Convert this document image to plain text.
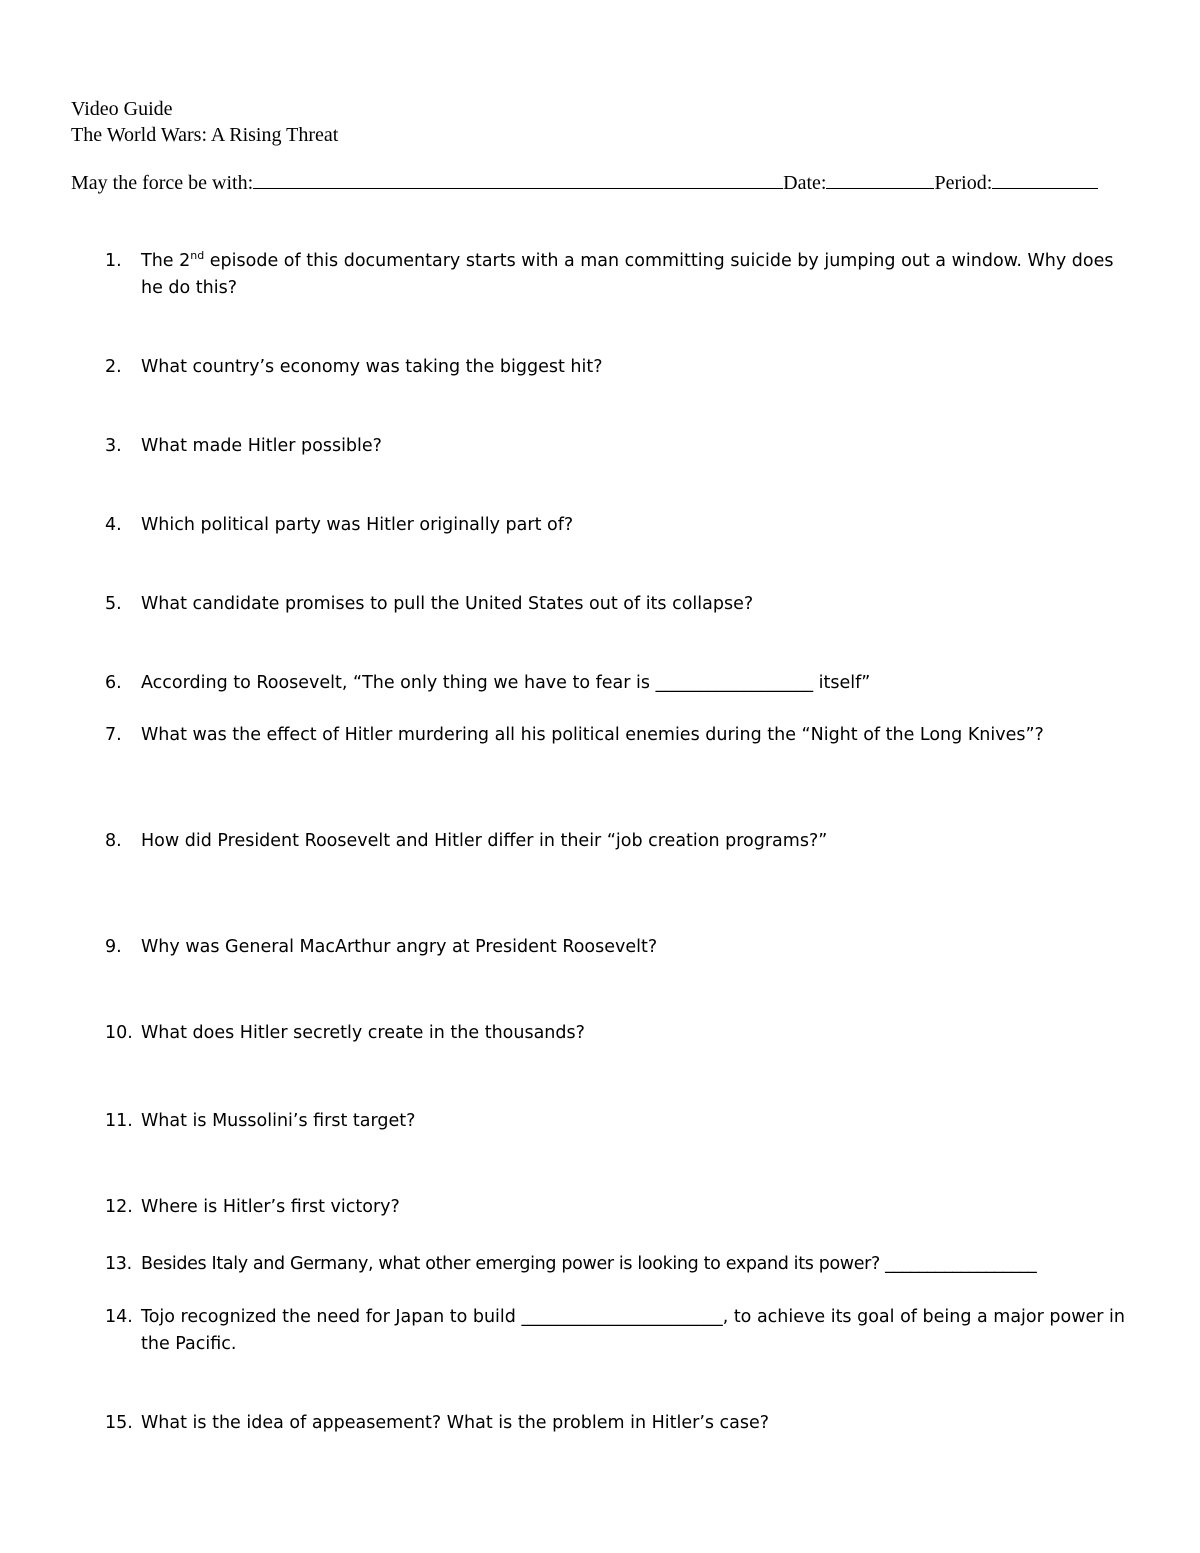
Video Guide
The World Wars: A Rising Threat
May the force be with:	Date:	Period:
1.	The 2nd episode of this documentary starts with a man committing suicide by jumping out a window. Why does he do this?
2.	What country’s economy was taking the biggest hit?
3.	What made Hitler possible?
4.	Which political party was Hitler originally part of?
5.	What candidate promises to pull the United States out of its collapse?
6.	According to Roosevelt, “The only thing we have to fear is __________________ itself”
7.	What was the effect of Hitler murdering all his political enemies during the “Night of the Long Knives”?
8.	How did President Roosevelt and Hitler differ in their “job creation programs?”
9.	Why was General MacArthur angry at President Roosevelt?
10. What does Hitler secretly create in the thousands?
11. What is Mussolini’s first target?
12. Where is Hitler’s first victory?
13. Besides Italy and Germany, what other emerging power is looking to expand its power? __________________
14. Tojo recognized the need for Japan to build _______________________, to achieve its goal of being a major power in the Pacific.
15. What is the idea of appeasement? What is the problem in Hitler’s case?
